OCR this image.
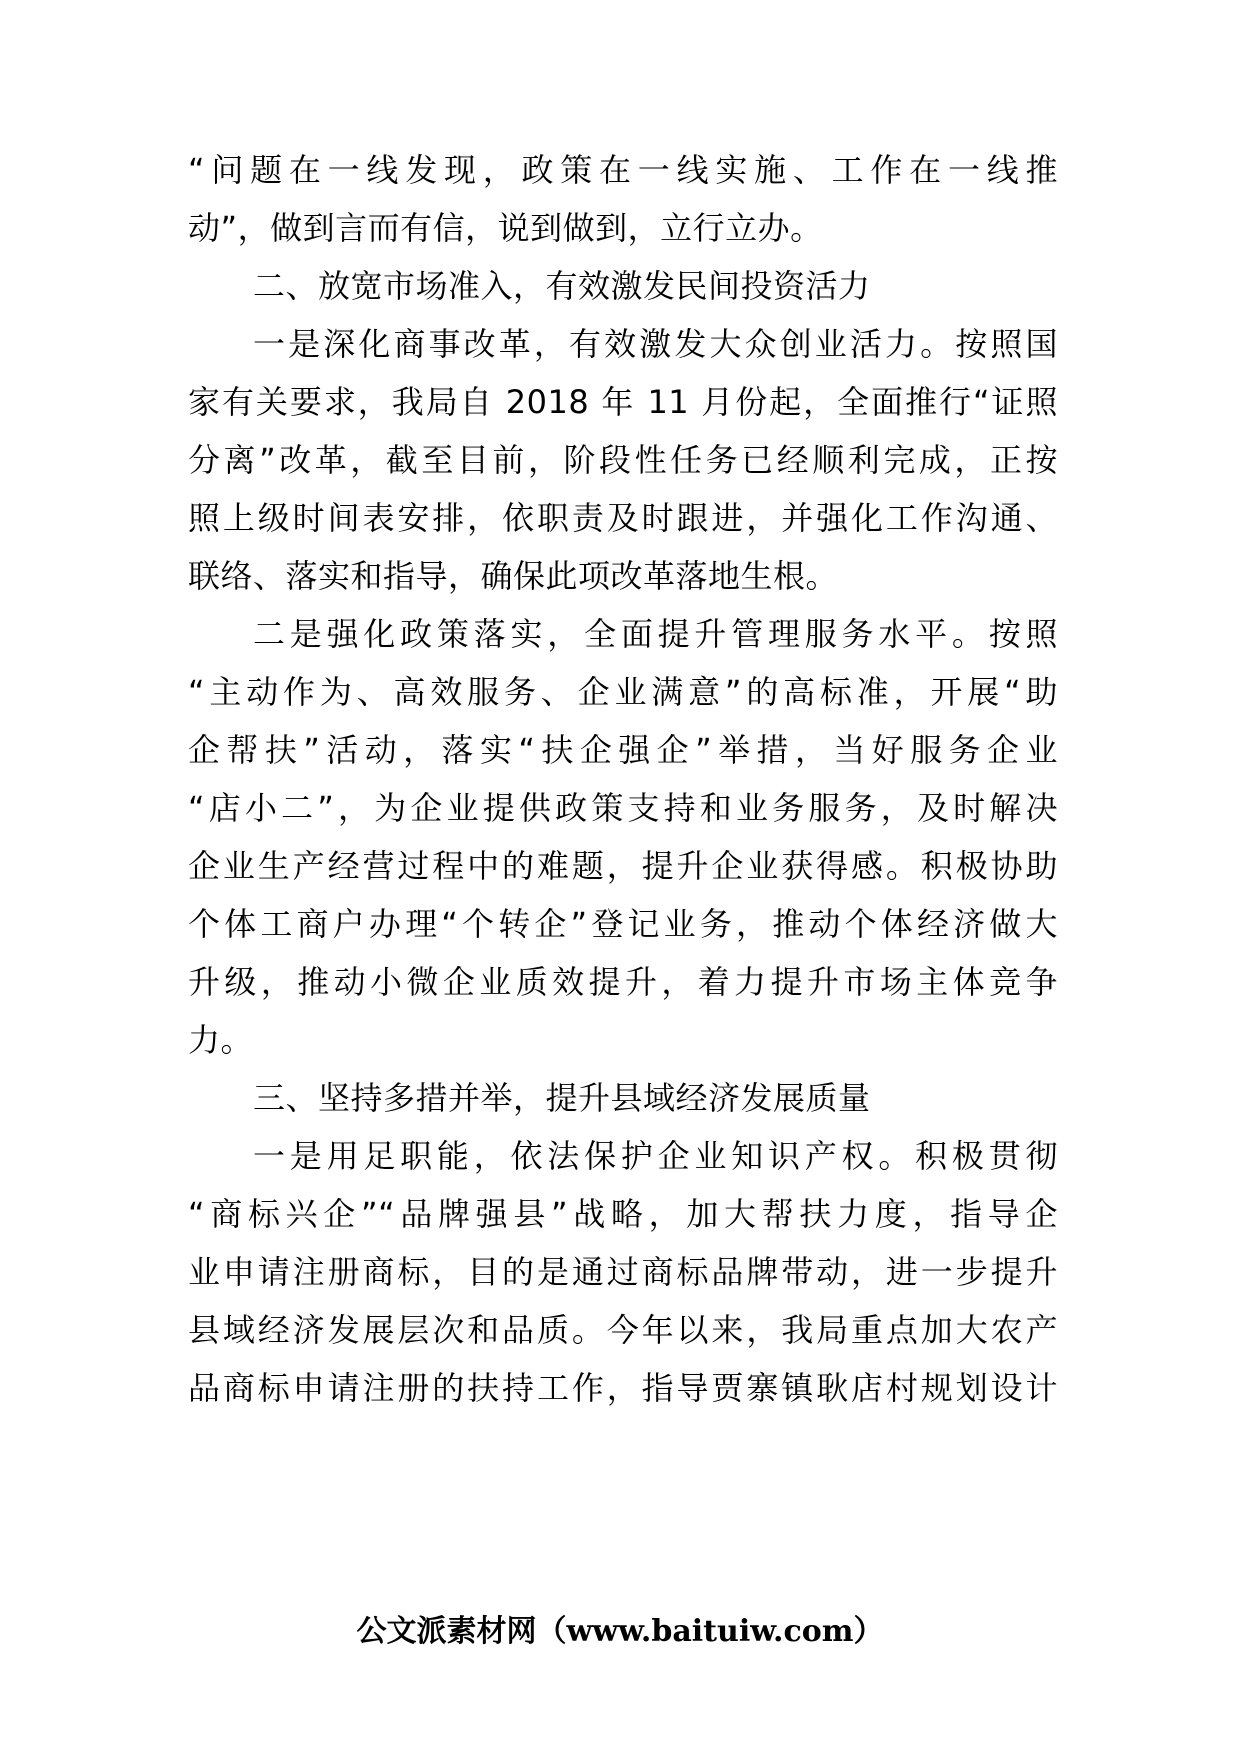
“问题在一线发现，政策在一线实施、工作在一线推
动”，做到言而有信，说到做到，立行立办。
二、放宽市场准入，有效激发民间投资活力
一是深化商事改革，有效激发大众创业活力。按照国
家有关要求，我局自 2018 年 11 月份起，全面推行“证照
分离”改革，截至目前，阶段性任务已经顺利完成，正按
照上级时间表安排，依职责及时跟进，并强化工作沟通、
联络、落实和指导，确保此项改革落地生根。
二是强化政策落实，全面提升管理服务水平。按照
“主动作为、高效服务、企业满意”的高标准，开展“助
企帮扶”活动，落实“扶企强企”举措，当好服务企业
“店小二”，为企业提供政策支持和业务服务，及时解决
企业生产经营过程中的难题，提升企业获得感。积极协助
个体工商户办理“个转企”登记业务，推动个体经济做大
升级，推动小微企业质效提升，着力提升市场主体竞争
力。
三、坚持多措并举，提升县域经济发展质量
一是用足职能，依法保护企业知识产权。积极贯彻
“商标兴企”“品牌强县”战略，加大帮扶力度，指导企
业申请注册商标，目的是通过商标品牌带动，进一步提升
县域经济发展层次和品质。今年以来，我局重点加大农产
品商标申请注册的扶持工作，指导贾寨镇耿店村规划设计
公文派素材网（www.baituiw.com）
